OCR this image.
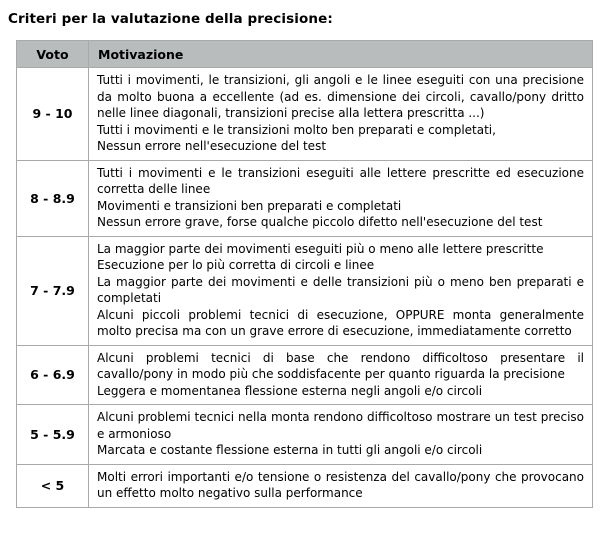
Criteri per la valutazione della precisione:
Voto	Motivazione
9 - 10	Tutti i movimenti, le transizioni, gli angoli e le linee eseguiti con una precisione da molto buona a eccellente (ad es. dimensione dei circoli, cavallo/pony dritto nelle linee diagonali, transizioni precise alla lettera prescritta ...)

Tutti i movimenti e le transizioni molto ben preparati e completati,

Nessun errore nell'esecuzione del test

8 - 8.9	Tutti i movimenti e le transizioni eseguiti alle lettere prescritte ed esecuzione corretta delle linee

Movimenti e transizioni ben preparati e completati

Nessun errore grave, forse qualche piccolo difetto nell'esecuzione del test

7 - 7.9	La maggior parte dei movimenti eseguiti più o meno alle lettere prescritte

Esecuzione per lo più corretta di circoli e linee

La maggior parte dei movimenti e delle transizioni più o meno ben preparati e completati

Alcuni piccoli problemi tecnici di esecuzione, OPPURE monta generalmente molto precisa ma con un grave errore di esecuzione, immediatamente corretto

6 - 6.9	Alcuni problemi tecnici di base che rendono difficoltoso presentare il cavallo/pony in modo più che soddisfacente per quanto riguarda la precisione

Leggera e momentanea flessione esterna negli angoli e/o circoli

5 - 5.9	Alcuni problemi tecnici nella monta rendono difficoltoso mostrare un test preciso e armonioso

Marcata e costante flessione esterna in tutti gli angoli e/o circoli

< 5	Molti errori importanti e/o tensione o resistenza del cavallo/pony che provocano un effetto molto negativo sulla performance
